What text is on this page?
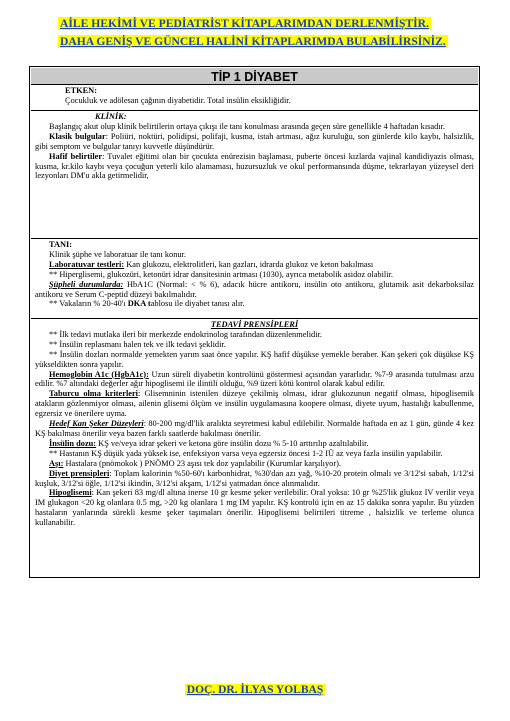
AİLE HEKİMİ VE PEDİATRİST KİTAPLARIMDAN DERLENMİŞTİR.
DAHA GENİŞ VE GÜNCEL HALİNİ KİTAPLARIMDA BULABİLİRSİNİZ.
TİP 1 DİYABET
ETKEN:
Çocukluk ve adölesan çağının diyabetidir. Total insülin eksikliğidir.
KLİNİK:
Başlangıç akut olup klinik belirtilerin ortaya çıkışı ile tanı konulması arasında geçen süre genellikle 4 haftadan kısadır.
Klasik bulgular: Poliüri, noktüri, polidipsi, polifaji, kusma, istah artması, ağız kuruluğu, son günlerde kilo kaybı, halsizlik, gibi semptom ve bulgular tanıyı kuvvetle düşündürür.
Hafif belirtiler: Tuvalet eğitimi olan bir çocukta enürezisin başlaması, puberte öncesi kızlarda vajinal kandidiyazis olması, kusma, kr.kilo kaybı veya çocuğun yeterli kilo alamaması, huzursuzluk ve okul performansında düşme, tekrarlayan yüzeysel deri lezyonları DM'u akla getirmelidir,
TANI:
Klinik şüphe ve laboratuar ile tanı konur.
Laboratuvar testleri: Kan glukozu, elektrolitleri, kan gazları, idrarda glukoz ve keton bakılması
** Hiperglisemi, glukozüri, ketonüri idrar dansitesinin artması (1030), ayrıca metabolik asidoz olabilir.
Şüpheli durumlarda: HbA1C (Normal: < % 6), adacık hücre antikoru, insülin oto antikoru, glutamik asit dekarboksilaz antikoru ve Serum C-peptid düzeyi bakılmalıdır.
** Vakaların % 20-40'ı DKA tablosu ile diyabet tanısı alır.
TEDAVİ PRENSİPLERİ
** İlk tedavi mutlaka ileri bir merkezde endokrinolog tarafından düzenlenmelidir.
** İnsülin replasmanı halen tek ve ilk tedavi şeklidir.
** İnsülin dozları normalde yemekten yarım saat önce yapılır. KŞ hafif düşükse yemekle beraber. Kan şekeri çok düşükse KŞ yükseldikten sonra yapılır.
Hemoglobin A1c (HgbA1c): Uzun süreli diyabetin kontrolünü göstermesi açısından yararlıdır. %7-9 arasında tutulması arzu edilir. %7 altındaki değerler ağır hipoglisemi ile ilintili olduğu, %9 üzeri kötü kontrol olarak kabul edilir.
Taburcu olma kriterleri: Glisemninin istenilen düzeye çekilmiş olması, idrar glukozunun negatif olması, hipoglisemik atakların gözlenmiyor olması, ailenin glisemi ölçüm ve insülin uygulamasına koopere olması, diyete uyum, hastalığı kabullenme, egzersiz ve önerilere uyma.
Hedef Kan Şeker Düzeyleri: 80-200 mg/dl'lik aralıkta seyretmesi kabul edilebilir. Normalde haftada en az 1 gün, günde 4 kez KŞ bakılması önerilir veya bazen farklı saatlerde bakılması önerilir.
İnsülin dozu: KŞ ve/veya idrar şekeri ve ketona göre insülin dozu % 5-10 arttırılıp azaltılabilir.
** Hastanın KŞ düşük yada yüksek ise, enfeksiyon varsa veya egzersiz öncesi 1-2 IÜ az veya fazla insülin yapılabilir.
Aşı: Hastalara (pnömokok ) PNÖMO 23 aşısı tek doz yapılabilir (Kurumlar karşılıyor).
Diyet prensipleri: Toplam kalorinin %50-60'ı karbonhidrat, %30'dan azı yağ, %10-20 protein olmalı ve 3/12'si sabah, 1/12'si kuşluk, 3/12'si öğle, 1/12'si ikindin, 3/12'si akşam, 1/12'si yatmadan önce alınmalıdır.
Hipoglisemi: Kan şekeri 83 mg/dl altına inerse 10 gr kesme şeker verilebilir. Oral yoksa: 10 gr %25'lik glukoz IV verilir veya IM glukagon <20 kg olanlara 0.5 mg, >20 kg olanlara 1 mg IM yapılır. KŞ kontrolü için en az 15 dakika sonra yapılır. Bu yüzden hastaların yanlarında sürekli kesme şeker taşımaları önerilir. Hipoglisemi belirtileri titreme , halsizlik ve terleme olunca kullanabilir.
DOÇ. DR. İLYAS YOLBAŞ
